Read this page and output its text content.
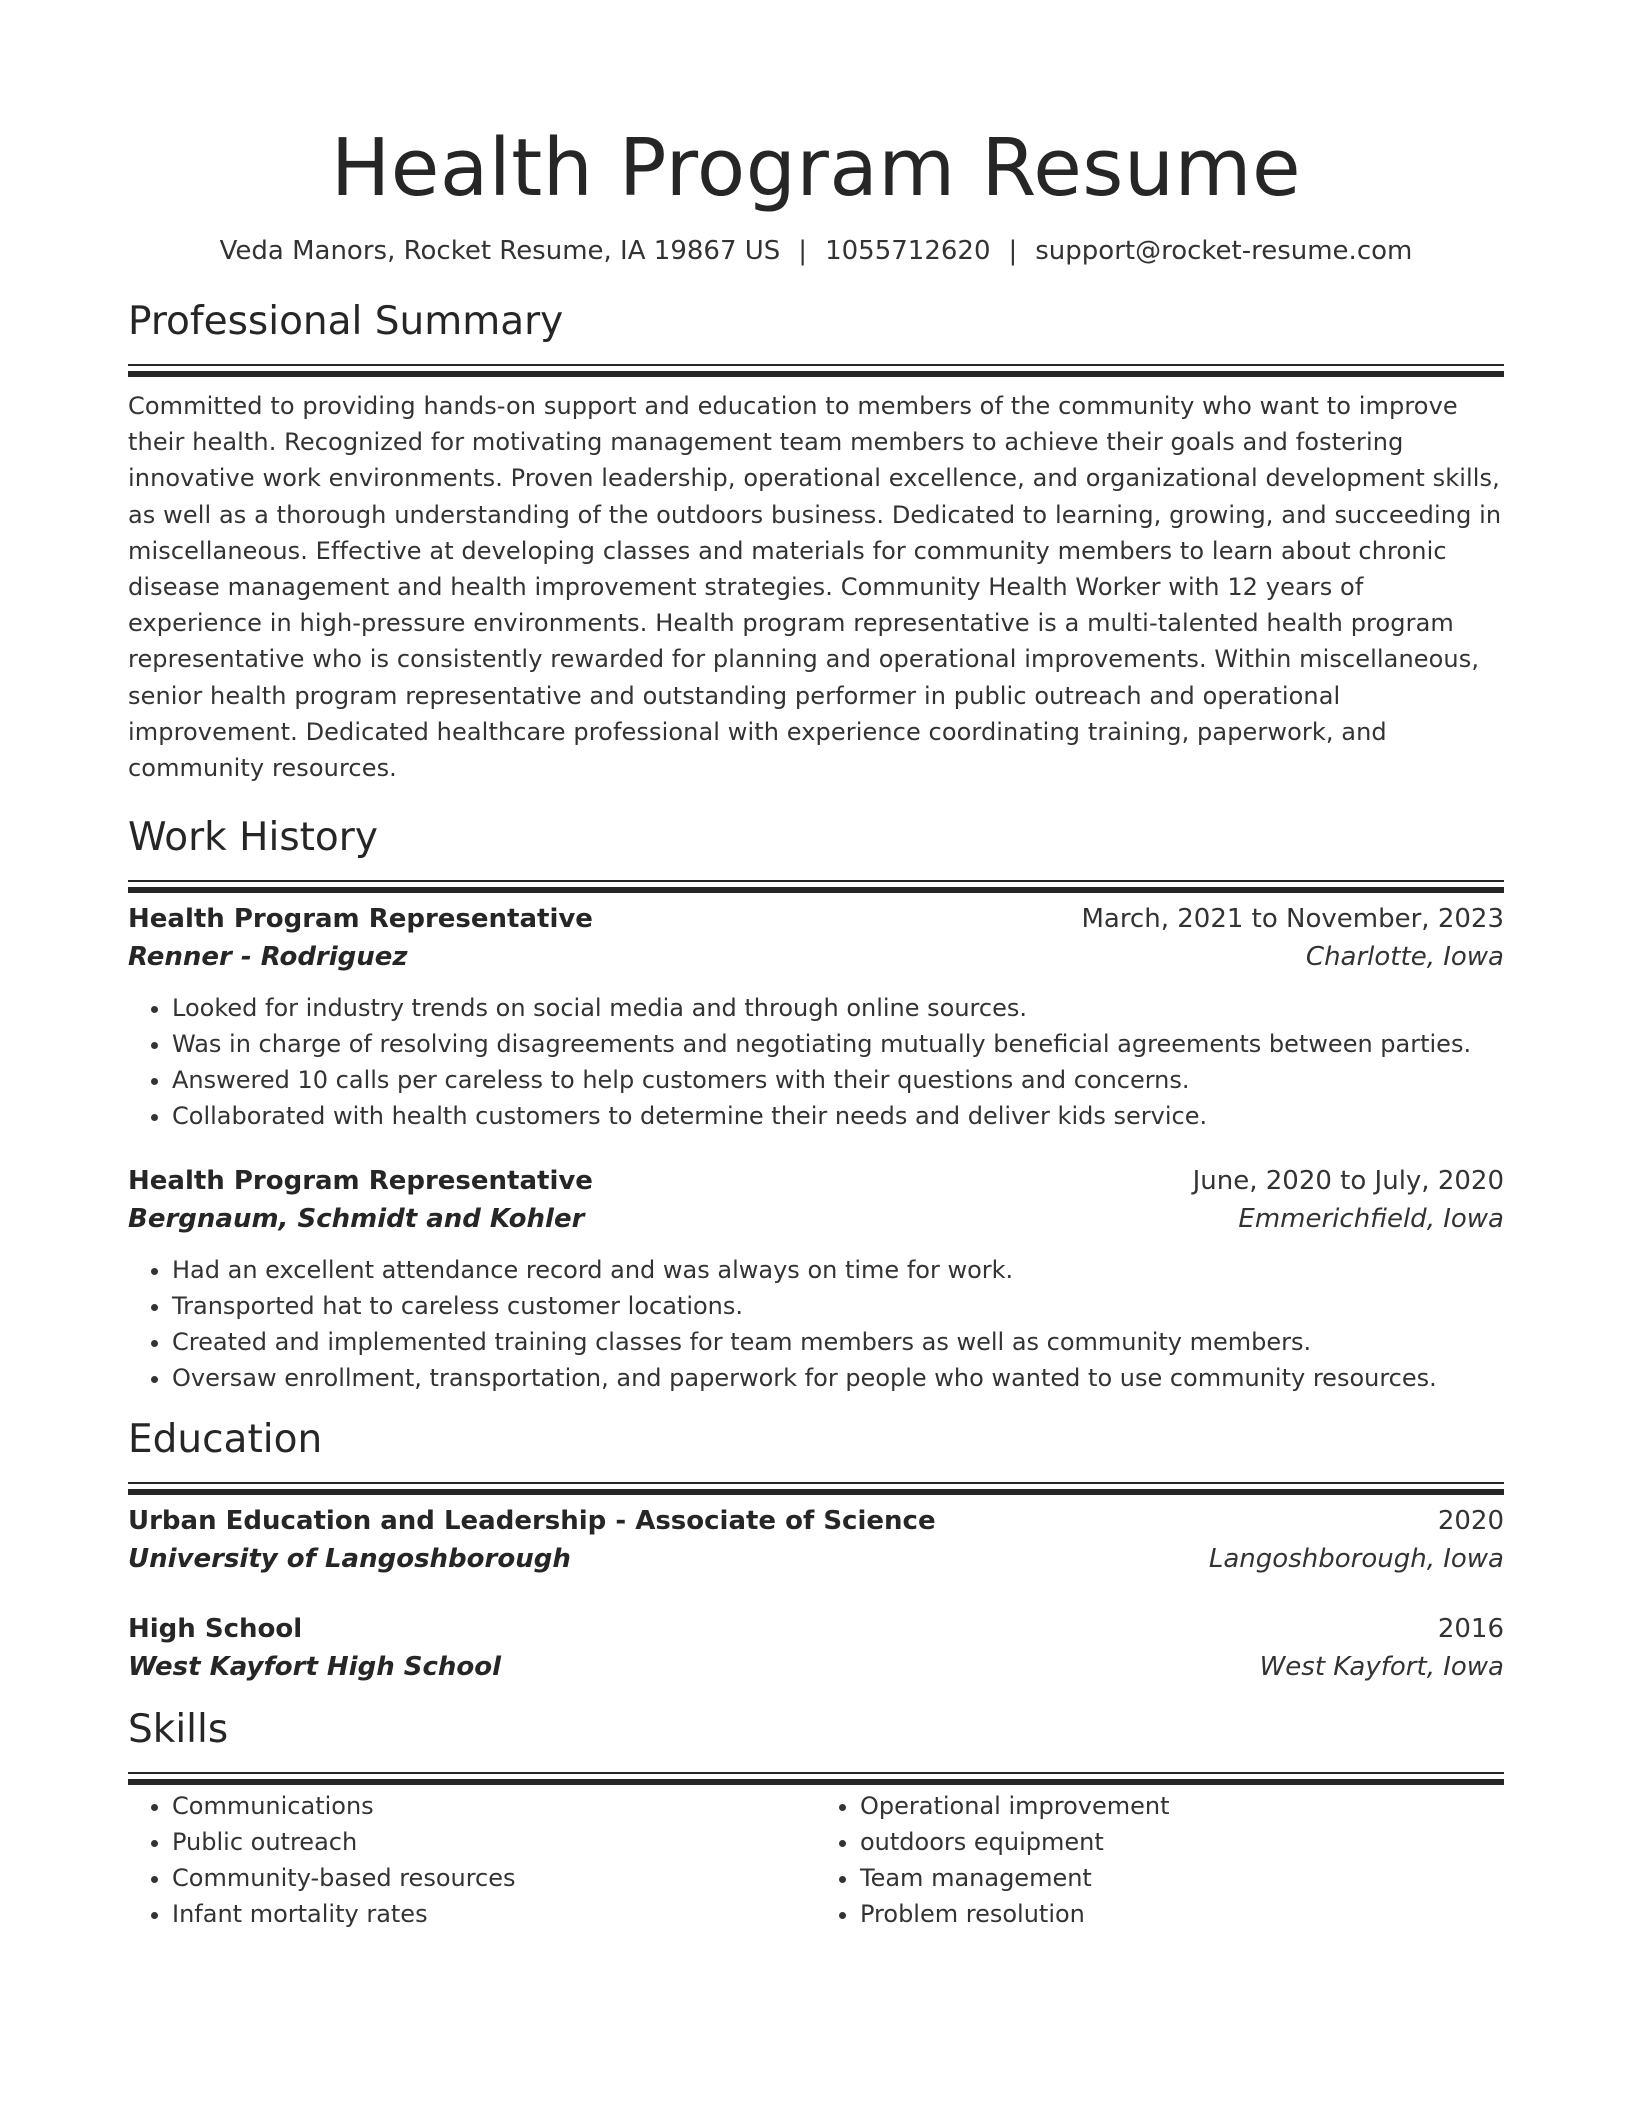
Health Program Resume
Veda Manors, Rocket Resume, IA 19867 US | 1055712620 | support@rocket-resume.com
Professional Summary

Committed to providing hands-on support and education to members of the community who want to improve their health. Recognized for motivating management team members to achieve their goals and fostering innovative work environments. Proven leadership, operational excellence, and organizational development skills, as well as a thorough understanding of the outdoors business. Dedicated to learning, growing, and succeeding in miscellaneous. Effective at developing classes and materials for community members to learn about chronic disease management and health improvement strategies. Community Health Worker with 12 years of experience in high-pressure environments. Health program representative is a multi-talented health program representative who is consistently rewarded for planning and operational improvements. Within miscellaneous, senior health program representative and outstanding performer in public outreach and operational improvement. Dedicated healthcare professional with experience coordinating training, paperwork, and community resources.

Work History
Health Program Representative	March, 2021 to November, 2023
Renner - Rodriguez	Charlotte, Iowa
• Looked for industry trends on social media and through online sources.
• Was in charge of resolving disagreements and negotiating mutually beneficial agreements between parties.
• Answered 10 calls per careless to help customers with their questions and concerns.
• Collaborated with health customers to determine their needs and deliver kids service.
Health Program Representative	June, 2020 to July, 2020
Bergnaum, Schmidt and Kohler	Emmerichfield, Iowa
• Had an excellent attendance record and was always on time for work.
• Transported hat to careless customer locations.
• Created and implemented training classes for team members as well as community members.
• Oversaw enrollment, transportation, and paperwork for people who wanted to use community resources.
Education
Urban Education and Leadership - Associate of Science	2020
University of Langoshborough	Langoshborough, Iowa
High School	2016
West Kayfort High School	West Kayfort, Iowa
Skills
• Communications
• Public outreach
• Community-based resources
• Infant mortality rates
• Operational improvement
• outdoors equipment
• Team management
• Problem resolution
